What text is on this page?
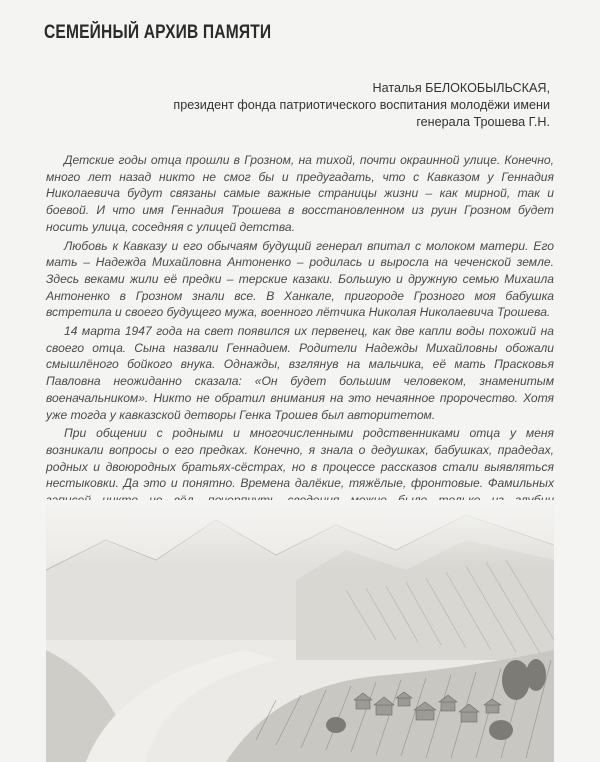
СЕМЕЙНЫЙ АРХИВ ПАМЯТИ
Наталья БЕЛОКОБЫЛЬСКАЯ,
президент фонда патриотического воспитания молодёжи имени
генерала Трошева Г.Н.

Детские годы отца прошли в Грозном, на тихой, почти окраинной улице. Конечно, много лет назад никто не смог бы и предугадать, что с Кавказом у Геннадия Николаевича будут связаны самые важные страницы жизни – как мирной, так и боевой. И что имя Геннадия Трошева в восстановленном из руин Грозном будет носить улица, соседняя с улицей детства.

Любовь к Кавказу и его обычаям будущий генерал впитал с молоком матери. Его мать – Надежда Михайловна Антоненко – родилась и выросла на чеченской земле. Здесь веками жили её предки – терские казаки. Большую и дружную семью Михаила Антоненко в Грозном знали все. В Ханкале, пригороде Грозного моя бабушка встретила и своего будущего мужа, военного лётчика Николая Николаевича Трошева.

14 марта 1947 года на свет появился их первенец, как две капли воды похожий на своего отца. Сына назвали Геннадием. Родители Надежды Михайловны обожали смышлёного бойкого внука. Однажды, взглянув на мальчика, её мать Прасковья Павловна неожиданно сказала: «Он будет большим человеком, знаменитым военачальником». Никто не обратил внимания на это нечаянное пророчество. Хотя уже тогда у кавказской детворы Генка Трошев был авторитетом.

При общении с родными и многочисленными родственниками отца у меня возникали вопросы о его предках. Конечно, я знала о дедушках, бабушках, прадедах, родных и двоюродных братьях-сёстрах, но в процессе рассказов стали выявляться нестыковки. Да это и понятно. Времена далёкие, тяжёлые, фронтовые. Фамильных
